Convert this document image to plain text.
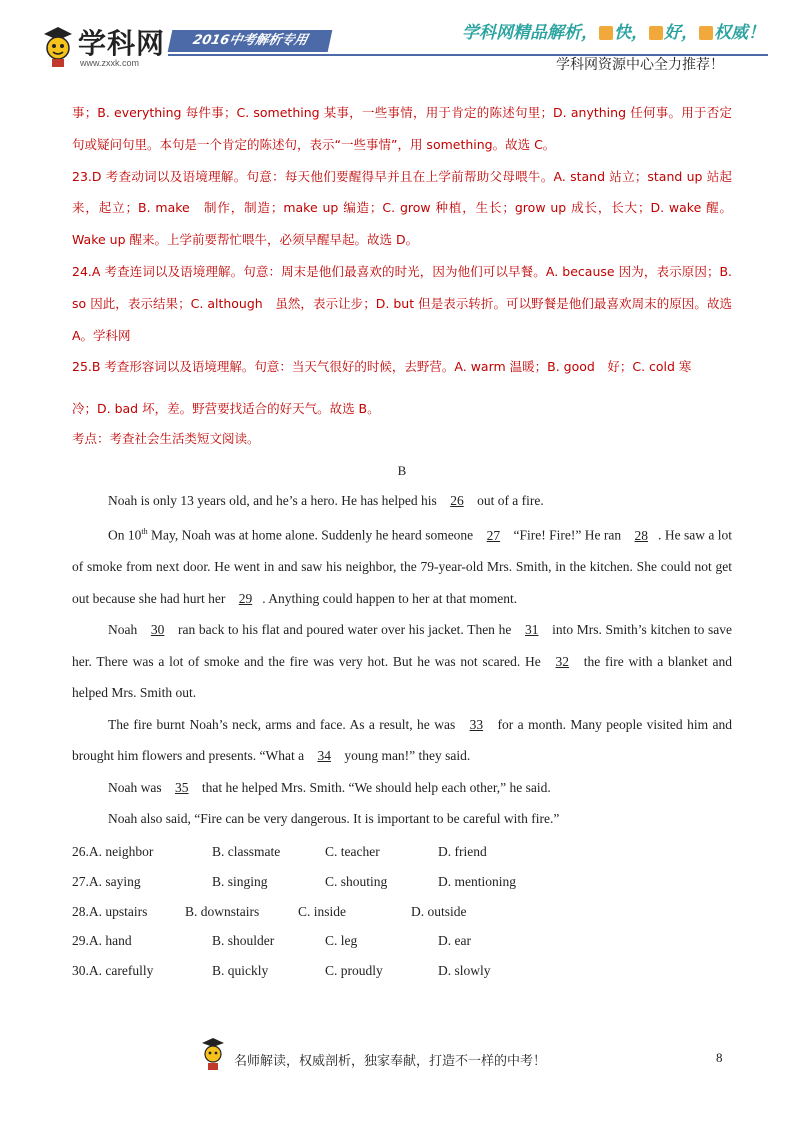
学科网
www.zxxk.com
2016中考解析专用	学科网精品解析， 快， 好， 权威！
学科网资源中心全力推荐！

事；B. everything 每件事；C. something 某事，一些事情，用于肯定的陈述句里；D. anything 任何事。用于否定句或疑问句里。本句是一个肯定的陈述句，表示“一些事情”，用 something。故选 C。

23.D 考查动词以及语境理解。句意：每天他们要醒得早并且在上学前帮助父母喂牛。A. stand 站立；stand up 站起来，起立；B. make　制作，制造；make up 编造；C. grow 种植，生长；grow up 成长，长大；D. wake 醒。Wake up 醒来。上学前要帮忙喂牛，必须早醒早起。故选 D。

24.A 考查连词以及语境理解。句意：周末是他们最喜欢的时光，因为他们可以早餐。A. because 因为，表示原因；B. so 因此，表示结果；C. although　虽然，表示让步；D. but 但是表示转折。可以野餐是他们最喜欢周末的原因。故选 A。学科网

25.B 考查形容词以及语境理解。句意：当天气很好的时候，去野营。A. warm 温暖；B. good　好；C. cold 寒

冷；D. bad 坏，差。野营要找适合的好天气。故选 B。

考点：考查社会生活类短文阅读。

B

Noah is only 13 years old, and he’s a hero. He has helped his 26 out of a fire.

On 10th May, Noah was at home alone. Suddenly he heard someone 27 “Fire! Fire!” He ran 28 . He saw a lot of smoke from next door. He went in and saw his neighbor, the 79-year-old Mrs. Smith, in the kitchen. She could not get out because she had hurt her 29 . Anything could happen to her at that moment.

Noah 30 ran back to his flat and poured water over his jacket. Then he 31 into Mrs. Smith’s kitchen to save her. There was a lot of smoke and the fire was very hot. But he was not scared. He 32 the fire with a blanket and helped Mrs. Smith out.

The fire burnt Noah’s neck, arms and face. As a result, he was 33 for a month. Many people visited him and brought him flowers and presents. “What a 34 young man!” they said.

Noah was 35 that he helped Mrs. Smith. “We should help each other,” he said.

Noah also said, “Fire can be very dangerous. It is important to be careful with fire.”

26.A. neighbor	B. classmate	C. teacher	D. friend
27.A. saying	B. singing	C. shouting	D. mentioning
28.A. upstairs	B. downstairs	C. inside	D. outside
29.A. hand	B. shoulder	C. leg	D. ear
30.A. carefully	B. quickly	C. proudly	D. slowly
名师解读，权威剖析，独家奉献，打造不一样的中考！	8
